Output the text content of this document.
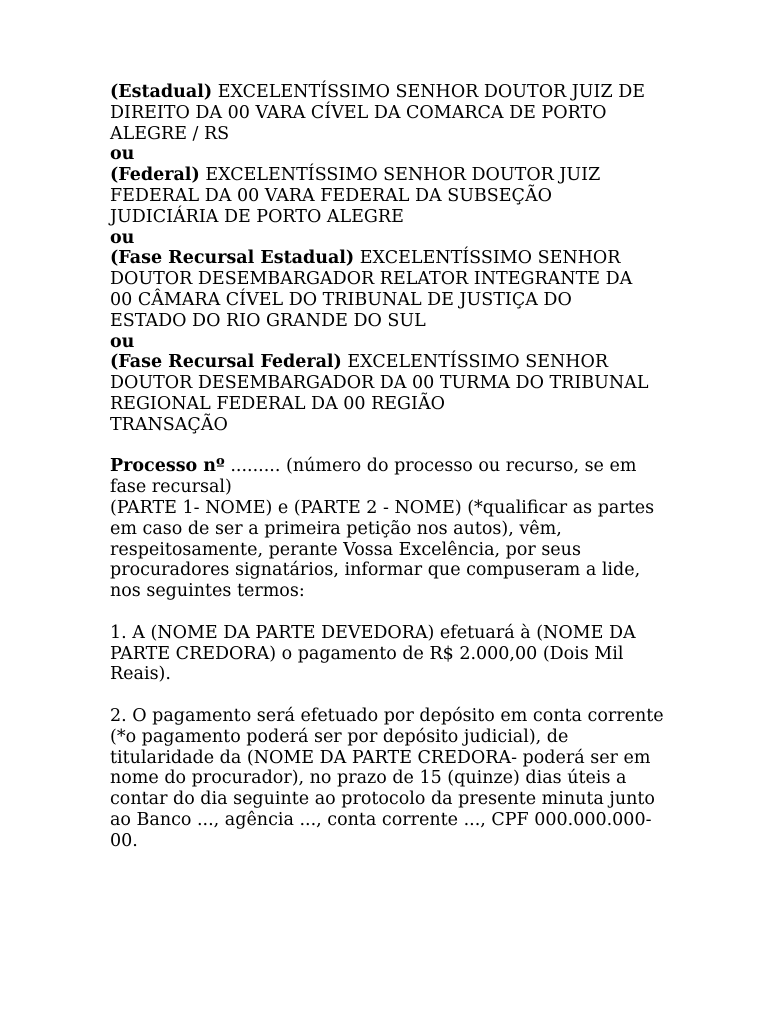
(Estadual) EXCELENTÍSSIMO SENHOR DOUTOR JUIZ DE
DIREITO DA 00 VARA CÍVEL DA COMARCA DE PORTO
ALEGRE / RS
ou
(Federal) EXCELENTÍSSIMO SENHOR DOUTOR JUIZ
FEDERAL DA 00 VARA FEDERAL DA SUBSEÇÃO
JUDICIÁRIA DE PORTO ALEGRE
ou
(Fase Recursal Estadual) EXCELENTÍSSIMO SENHOR
DOUTOR DESEMBARGADOR RELATOR INTEGRANTE DA
00 CÂMARA CÍVEL DO TRIBUNAL DE JUSTIÇA DO
ESTADO DO RIO GRANDE DO SUL
ou
(Fase Recursal Federal) EXCELENTÍSSIMO SENHOR
DOUTOR DESEMBARGADOR DA 00 TURMA DO TRIBUNAL
REGIONAL FEDERAL DA 00 REGIÃO
TRANSAÇÃO
Processo nº ......... (número do processo ou recurso, se em
fase recursal)
(PARTE 1- NOME) e (PARTE 2 - NOME) (*qualificar as partes
em caso de ser a primeira petição nos autos), vêm,
respeitosamente, perante Vossa Excelência, por seus
procuradores signatários, informar que compuseram a lide,
nos seguintes termos:
1. A (NOME DA PARTE DEVEDORA) efetuará à (NOME DA
PARTE CREDORA) o pagamento de R$ 2.000,00 (Dois Mil
Reais).
2. O pagamento será efetuado por depósito em conta corrente
(*o pagamento poderá ser por depósito judicial), de
titularidade da (NOME DA PARTE CREDORA- poderá ser em
nome do procurador), no prazo de 15 (quinze) dias úteis a
contar do dia seguinte ao protocolo da presente minuta junto
ao Banco ..., agência ..., conta corrente ..., CPF 000.000.000-
00.
